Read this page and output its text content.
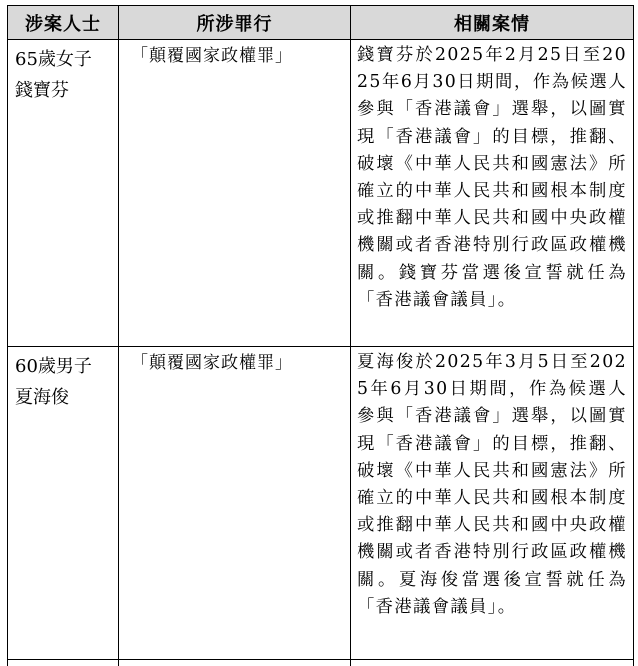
涉案人士	所涉罪行	相關案情

65歲女子
錢寶芬	「顛覆國家政權罪」	錢寶芬於2025年2月25日至2025年6月30日期間，作為候選人參與「香港議會」選舉，以圖實現「香港議會」的目標，推翻、破壞《中華人民共和國憲法》所確立的中華人民共和國根本制度或推翻中華人民共和國中央政權機關或者香港特別行政區政權機關。錢寶芬當選後宣誓就任為「香港議會議員」。

60歲男子
夏海俊	「顛覆國家政權罪」	夏海俊於2025年3月5日至2025年6月30日期間，作為候選人參與「香港議會」選舉，以圖實現「香港議會」的目標，推翻、破壞《中華人民共和國憲法》所確立的中華人民共和國根本制度或推翻中華人民共和國中央政權機關或者香港特別行政區政權機關。夏海俊當選後宣誓就任為「香港議會議員」。
